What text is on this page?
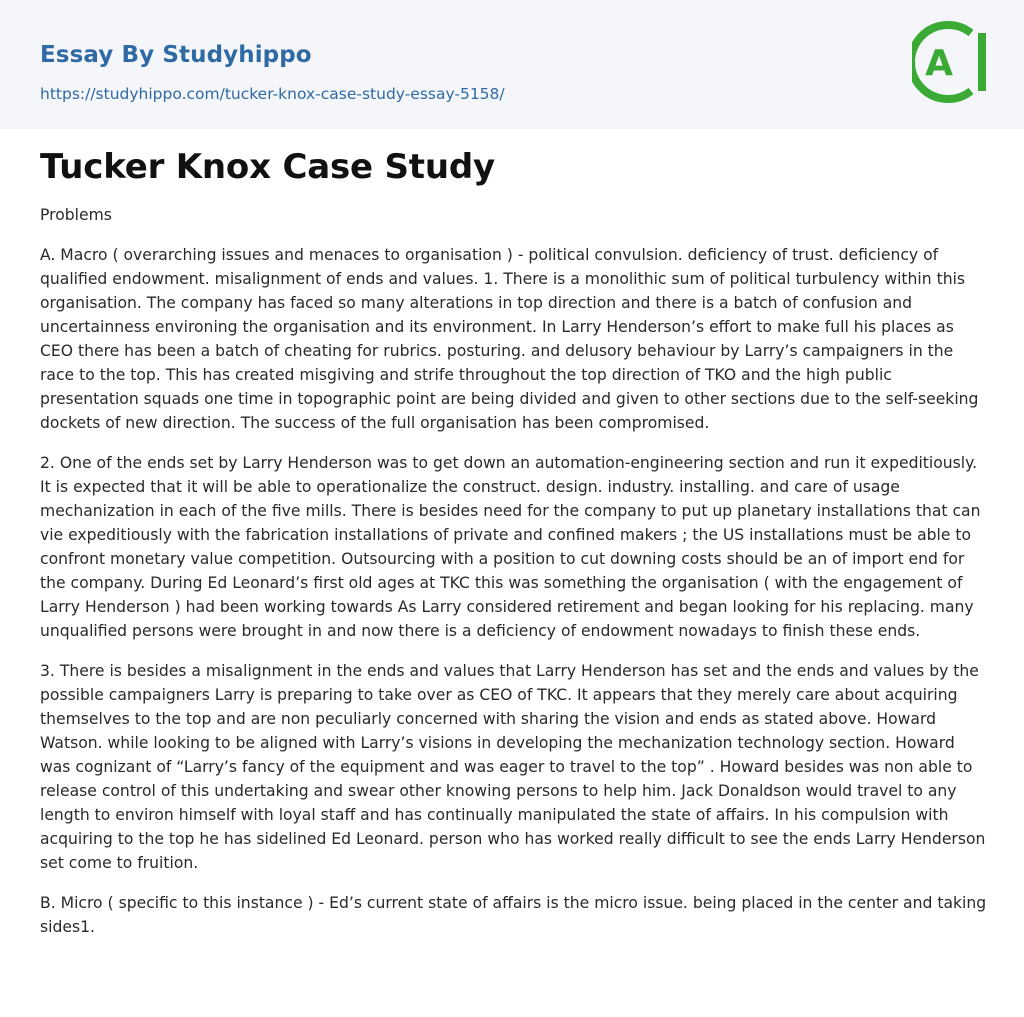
Essay By Studyhippo
https://studyhippo.com/tucker-knox-case-study-essay-5158/
A
Tucker Knox Case Study

Problems

A. Macro ( overarching issues and menaces to organisation ) - political convulsion. deficiency of trust. deficiency of qualified endowment. misalignment of ends and values. 1. There is a monolithic sum of political turbulency within this organisation. The company has faced so many alterations in top direction and there is a batch of confusion and uncertainness environing the organisation and its environment. In Larry Henderson’s effort to make full his places as CEO there has been a batch of cheating for rubrics. posturing. and delusory behaviour by Larry’s campaigners in the race to the top. This has created misgiving and strife throughout the top direction of TKO and the high public presentation squads one time in topographic point are being divided and given to other sections due to the self-seeking dockets of new direction. The success of the full organisation has been compromised.

2. One of the ends set by Larry Henderson was to get down an automation-engineering section and run it expeditiously. It is expected that it will be able to operationalize the construct. design. industry. installing. and care of usage mechanization in each of the five mills. There is besides need for the company to put up planetary installations that can vie expeditiously with the fabrication installations of private and confined makers ; the US installations must be able to confront monetary value competition. Outsourcing with a position to cut downing costs should be an of import end for the company. During Ed Leonard’s first old ages at TKC this was something the organisation ( with the engagement of Larry Henderson ) had been working towards As Larry considered retirement and began looking for his replacing. many unqualified persons were brought in and now there is a deficiency of endowment nowadays to finish these ends.

3. There is besides a misalignment in the ends and values that Larry Henderson has set and the ends and values by the possible campaigners Larry is preparing to take over as CEO of TKC. It appears that they merely care about acquiring themselves to the top and are non peculiarly concerned with sharing the vision and ends as stated above. Howard Watson. while looking to be aligned with Larry’s visions in developing the mechanization technology section. Howard was cognizant of “Larry’s fancy of the equipment and was eager to travel to the top” . Howard besides was non able to release control of this undertaking and swear other knowing persons to help him. Jack Donaldson would travel to any length to environ himself with loyal staff and has continually manipulated the state of affairs. In his compulsion with acquiring to the top he has sidelined Ed Leonard. person who has worked really difficult to see the ends Larry Henderson set come to fruition.

B. Micro ( specific to this instance ) - Ed’s current state of affairs is the micro issue. being placed in the center and taking sides1.
